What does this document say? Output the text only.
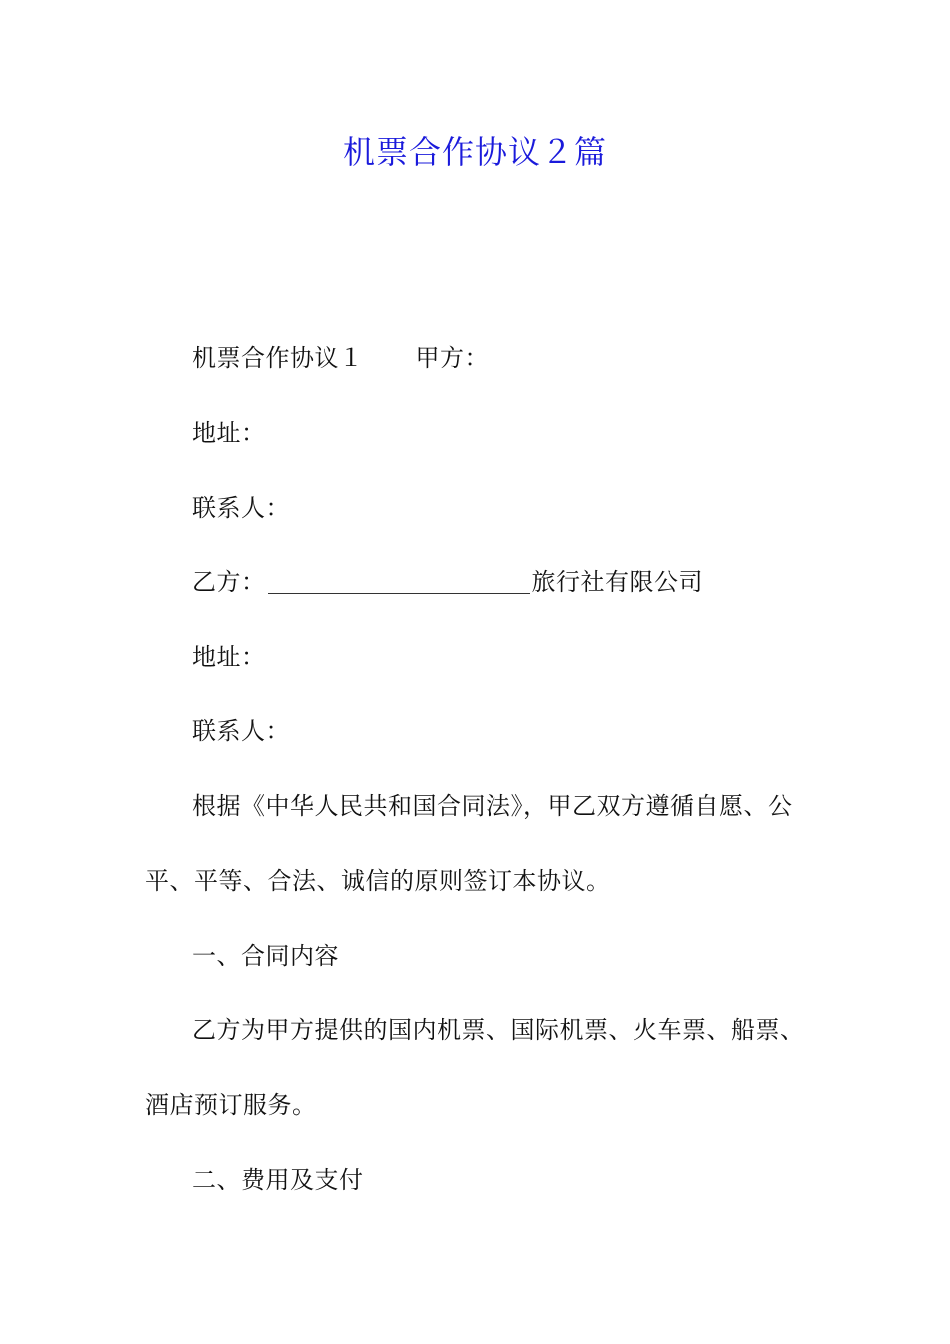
机票合作协议２篇
机票合作协议１ 甲方：
地址：
联系人：
乙方：	旅行社有限公司
地址：
联系人：
根据《中华人民共和国合同法》，甲乙双方遵循自愿、公
平、平等、合法、诚信的原则签订本协议。
一、合同内容
乙方为甲方提供的国内机票、国际机票、火车票、船票、
酒店预订服务。
二、费用及支付
